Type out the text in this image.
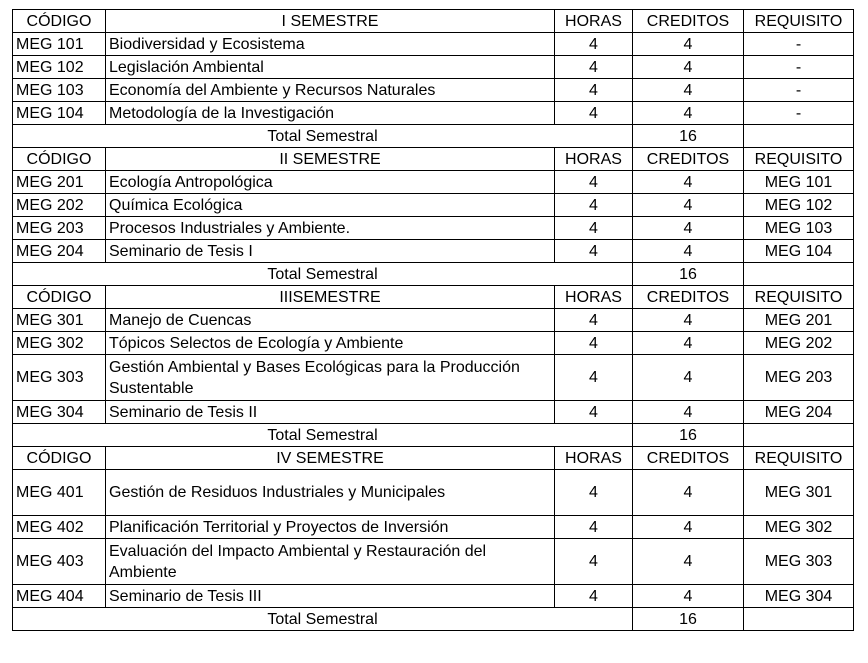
CÓDIGO	I SEMESTRE	HORAS	CREDITOS	REQUISITO
MEG 101	Biodiversidad y Ecosistema	4	4	-
MEG 102	Legislación Ambiental	4	4	-
MEG 103	Economía del Ambiente y Recursos Naturales	4	4	-
MEG 104	Metodología de la Investigación	4	4	-
Total Semestral			16	
CÓDIGO	II SEMESTRE	HORAS	CREDITOS	REQUISITO
MEG 201	Ecología Antropológica	4	4	MEG 101
MEG 202	Química Ecológica	4	4	MEG 102
MEG 203	Procesos Industriales y Ambiente.	4	4	MEG 103
MEG 204	Seminario de Tesis I	4	4	MEG 104
Total Semestral			16	
CÓDIGO	IIISEMESTRE	HORAS	CREDITOS	REQUISITO
MEG 301	Manejo de Cuencas	4	4	MEG 201
MEG 302	Tópicos Selectos de Ecología y Ambiente	4	4	MEG 202
MEG 303	Gestión Ambiental y Bases Ecológicas para la Producción Sustentable	4	4	MEG 203
MEG 304	Seminario de Tesis II	4	4	MEG 204
Total Semestral			16	
CÓDIGO	IV SEMESTRE	HORAS	CREDITOS	REQUISITO
MEG 401	Gestión de Residuos Industriales y Municipales	4	4	MEG 301
MEG 402	Planificación Territorial y Proyectos de Inversión	4	4	MEG 302
MEG 403	Evaluación del Impacto Ambiental y Restauración del Ambiente	4	4	MEG 303
MEG 404	Seminario de Tesis III	4	4	MEG 304
Total Semestral			16	
